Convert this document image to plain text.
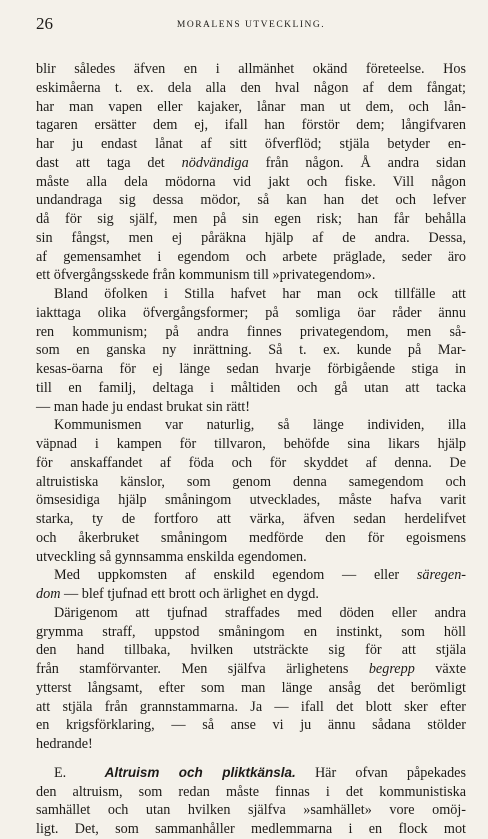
26	MORALENS UTVECKLING.
blir således äfven en i allmänhet okänd företeelse. Hos
eskimåerna t. ex. dela alla den hval någon af dem fångat;
har man vapen eller kajaker, lånar man ut dem, och lån-
tagaren ersätter dem ej, ifall han förstör dem; långifvaren
har ju endast lånat af sitt öfverflöd; stjäla betyder en-
dast att taga det nödvändiga från någon. Å andra sidan
måste alla dela mödorna vid jakt och fiske. Vill någon
undandraga sig dessa mödor, så kan han det och lefver
då för sig själf, men på sin egen risk; han får behålla
sin fångst, men ej påräkna hjälp af de andra. Dessa,
af gemensamhet i egendom och arbete präglade, seder äro
ett öfvergångsskede från kommunism till »privategendom».
Bland öfolken i Stilla hafvet har man ock tillfälle att
iakttaga olika öfvergångsformer; på somliga öar råder ännu
ren kommunism; på andra finnes privategendom, men så-
som en ganska ny inrättning. Så t. ex. kunde på Mar-
kesas-öarna för ej länge sedan hvarje förbigående stiga in
till en familj, deltaga i måltiden och gå utan att tacka
— man hade ju endast brukat sin rätt!
Kommunismen var naturlig, så länge individen, illa
väpnad i kampen för tillvaron, behöfde sina likars hjälp
för anskaffandet af föda och för skyddet af denna. De
altruistiska känslor, som genom denna samegendom och
ömsesidiga hjälp småningom utvecklades, måste hafva varit
starka, ty de fortforo att värka, äfven sedan herdelifvet
och åkerbruket småningom medförde den för egoismens
utveckling så gynnsamma enskilda egendomen.
Med uppkomsten af enskild egendom — eller säregen-
dom — blef tjufnad ett brott och ärlighet en dygd.
Därigenom att tjufnad straffades med döden eller andra
grymma straff, uppstod småningom en instinkt, som höll
den hand tillbaka, hvilken utsträckte sig för att stjäla
från stamförvanter. Men själfva ärlighetens begrepp växte
ytterst långsamt, efter som man länge ansåg det berömligt
att stjäla från grannstammarna. Ja — ifall det blott sker efter
en krigsförklaring, — så anse vi ju ännu sådana stölder
hedrande!
E.	Altruism och pliktkänsla. Här ofvan påpekades
den altruism, som redan måste finnas i det kommunistiska
samhället och utan hvilken själfva »samhället» vore omöj-
ligt. Det, som sammanhåller medlemmarna i en flock mot
